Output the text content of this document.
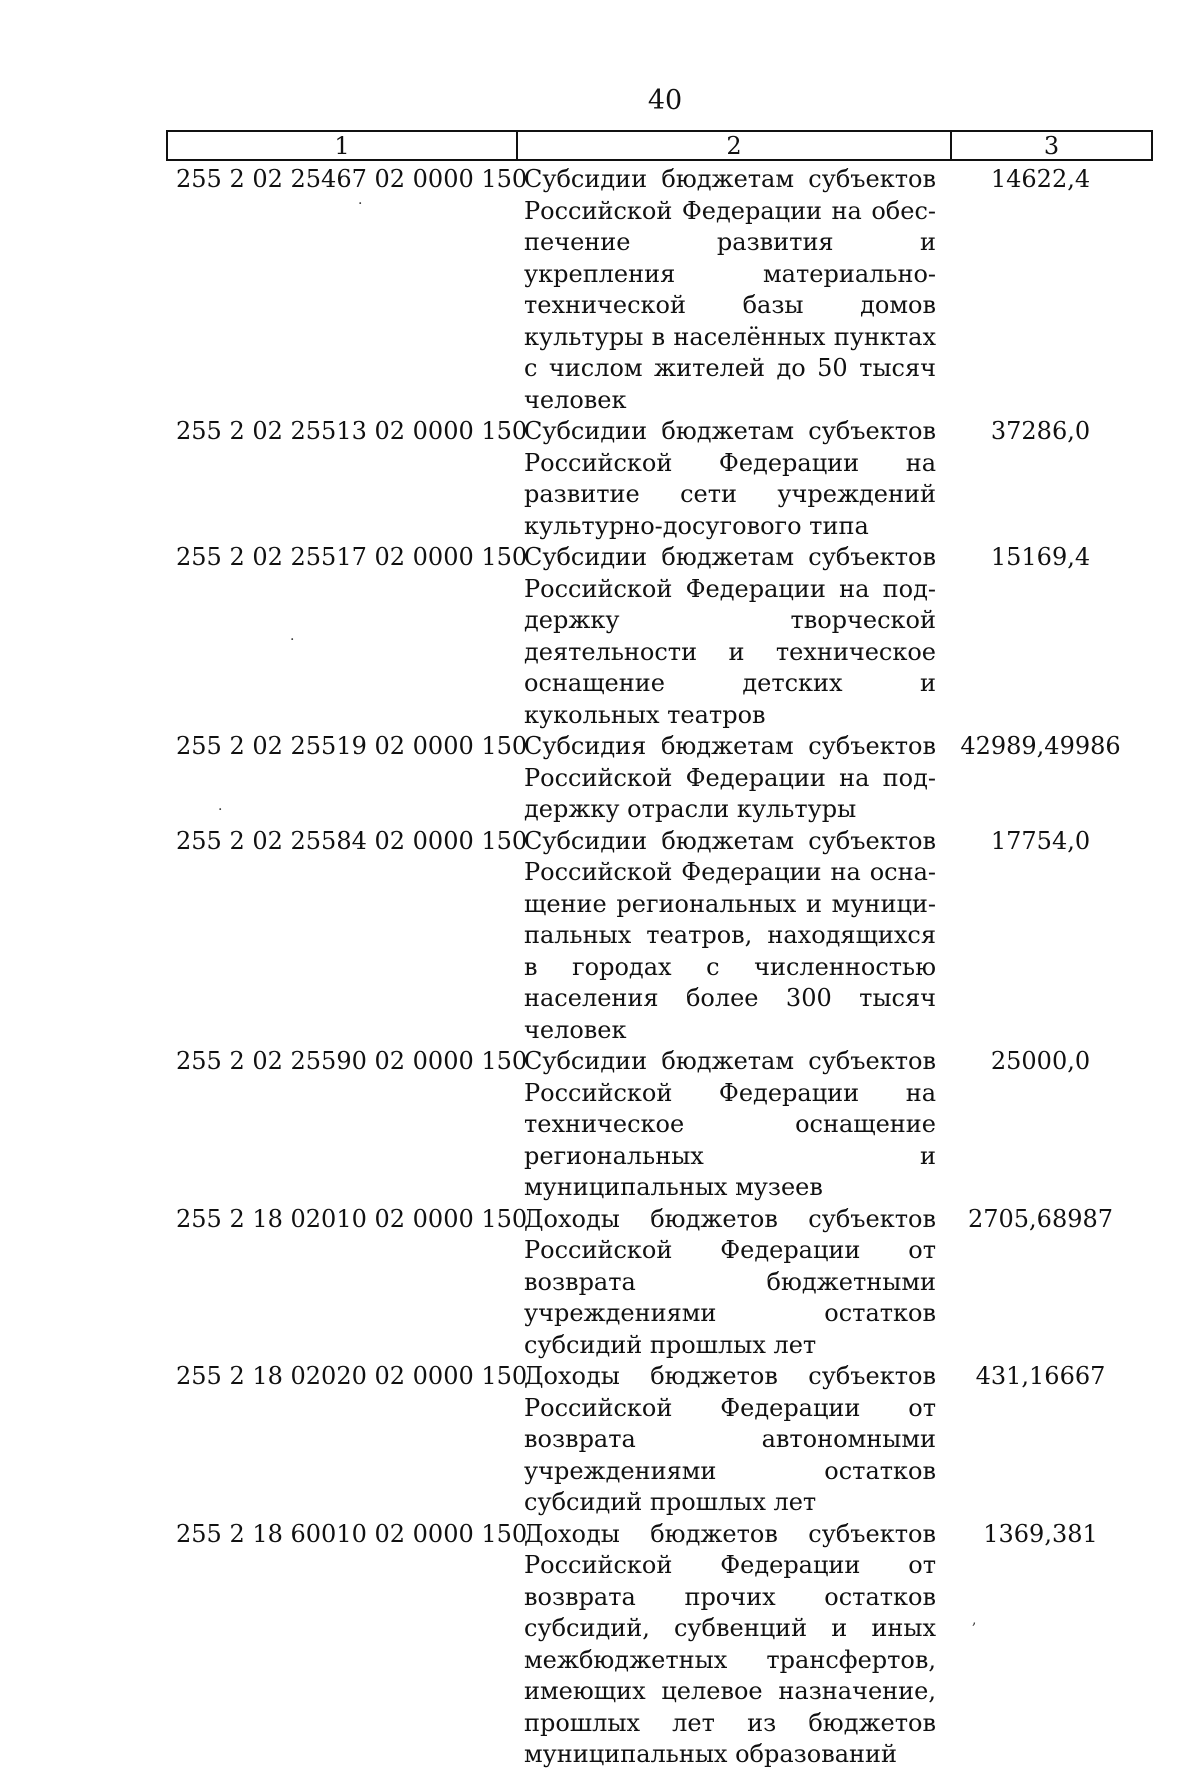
40
1	2	3
255 2 02 25467 02 0000 150
Субсидии бюджетам субъектов Российской Федерации на обеспечение развития и укрепления материально-технической базы домов культуры в населённых пунктах с числом жителей до 50 тысяч человек
14622,4
255 2 02 25513 02 0000 150
Субсидии бюджетам субъектов Российской Федерации на развитие сети учреждений культурно-досугового типа
37286,0
255 2 02 25517 02 0000 150
Субсидии бюджетам субъектов Российской Федерации на поддержку творческой деятельности и техническое оснащение детских и кукольных театров
15169,4
255 2 02 25519 02 0000 150
Субсидия бюджетам субъектов Российской Федерации на поддержку отрасли культуры
42989,49986
255 2 02 25584 02 0000 150
Субсидии бюджетам субъектов Российской Федерации на оснащение региональных и муниципальных театров, находящихся в городах с численностью населения более 300 тысяч человек
17754,0
255 2 02 25590 02 0000 150
Субсидии бюджетам субъектов Российской Федерации на техническое оснащение региональных и муниципальных музеев
25000,0
255 2 18 02010 02 0000 150
Доходы бюджетов субъектов Российской Федерации от возврата бюджетными учреждениями остатков субсидий прошлых лет
2705,68987
255 2 18 02020 02 0000 150
Доходы бюджетов субъектов Российской Федерации от возврата автономными учреждениями остатков субсидий прошлых лет
431,16667
255 2 18 60010 02 0000 150
Доходы бюджетов субъектов Российской Федерации от возврата прочих остатков субсидий, субвенций и иных межбюджетных трансфертов, имеющих целевое назначение, прошлых лет из бюджетов муниципальных образований
1369,381
·
·
·
,
